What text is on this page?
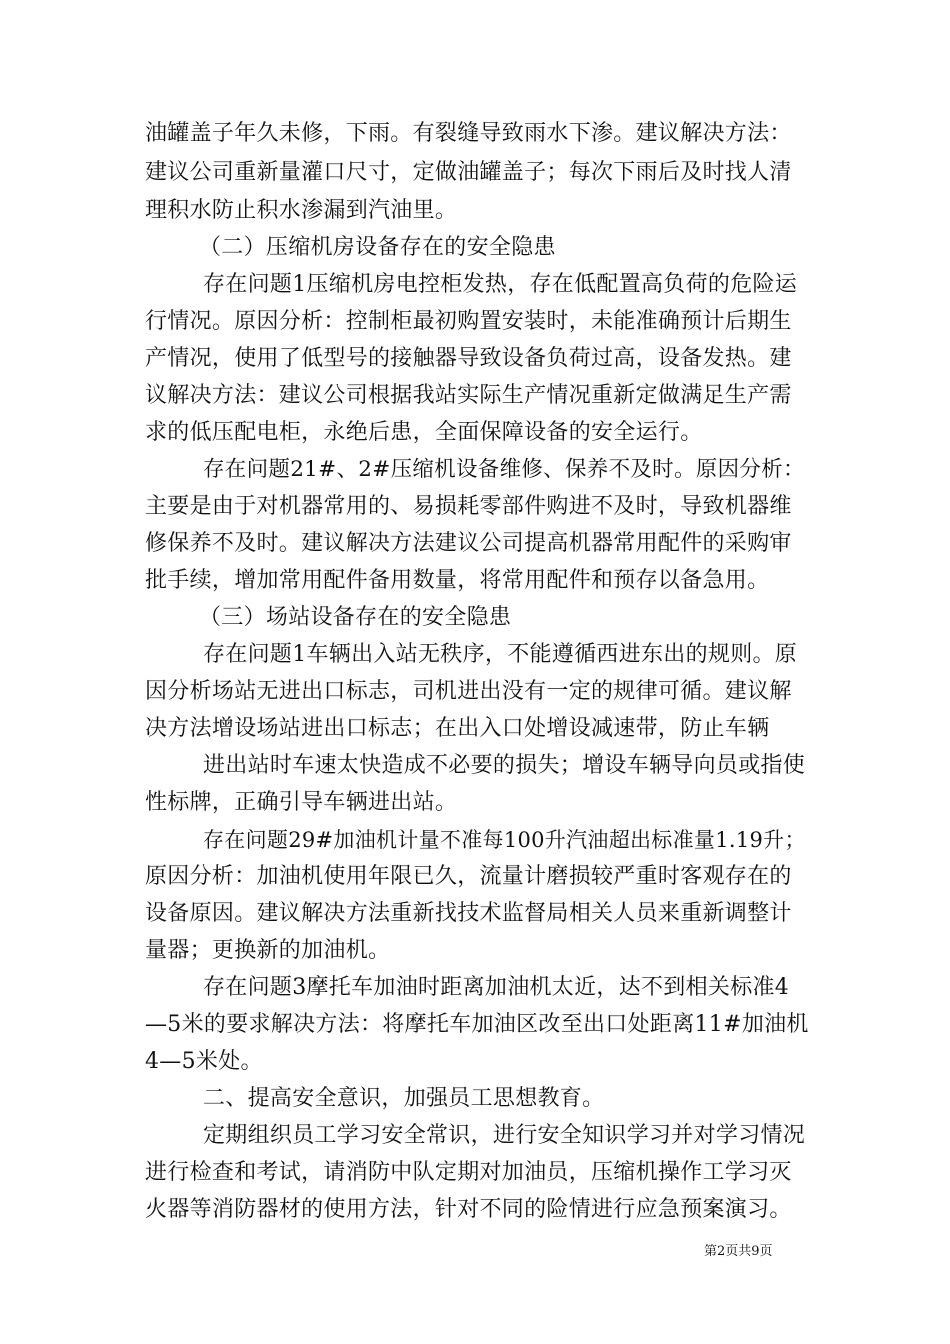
油罐盖子年久未修，下雨。有裂缝导致雨水下渗。建议解决方法：
建议公司重新量灌口尺寸，定做油罐盖子；每次下雨后及时找人清
理积水防止积水渗漏到汽油里。
（二）压缩机房设备存在的安全隐患
存在问题1压缩机房电控柜发热，存在低配置高负荷的危险运
行情况。原因分析：控制柜最初购置安装时，未能准确预计后期生
产情况，使用了低型号的接触器导致设备负荷过高，设备发热。建
议解决方法：建议公司根据我站实际生产情况重新定做满足生产需
求的低压配电柜，永绝后患，全面保障设备的安全运行。
存在问题21#、2#压缩机设备维修、保养不及时。原因分析：
主要是由于对机器常用的、易损耗零部件购进不及时，导致机器维
修保养不及时。建议解决方法建议公司提高机器常用配件的采购审
批手续，增加常用配件备用数量，将常用配件和预存以备急用。
（三）场站设备存在的安全隐患
存在问题1车辆出入站无秩序，不能遵循西进东出的规则。原
因分析场站无进出口标志，司机进出没有一定的规律可循。建议解
决方法增设场站进出口标志；在出入口处增设减速带，防止车辆
进出站时车速太快造成不必要的损失；增设车辆导向员或指使
性标牌，正确引导车辆进出站。
存在问题29#加油机计量不准每100升汽油超出标准量1.19升；
原因分析：加油机使用年限已久，流量计磨损较严重时客观存在的
设备原因。建议解决方法重新找技术监督局相关人员来重新调整计
量器；更换新的加油机。
存在问题3摩托车加油时距离加油机太近，达不到相关标准4
—5米的要求解决方法：将摩托车加油区改至出口处距离11#加油机
4—5米处。
二、提高安全意识，加强员工思想教育。
定期组织员工学习安全常识，进行安全知识学习并对学习情况
进行检查和考试，请消防中队定期对加油员，压缩机操作工学习灭
火器等消防器材的使用方法，针对不同的险情进行应急预案演习。
第2页共9页
